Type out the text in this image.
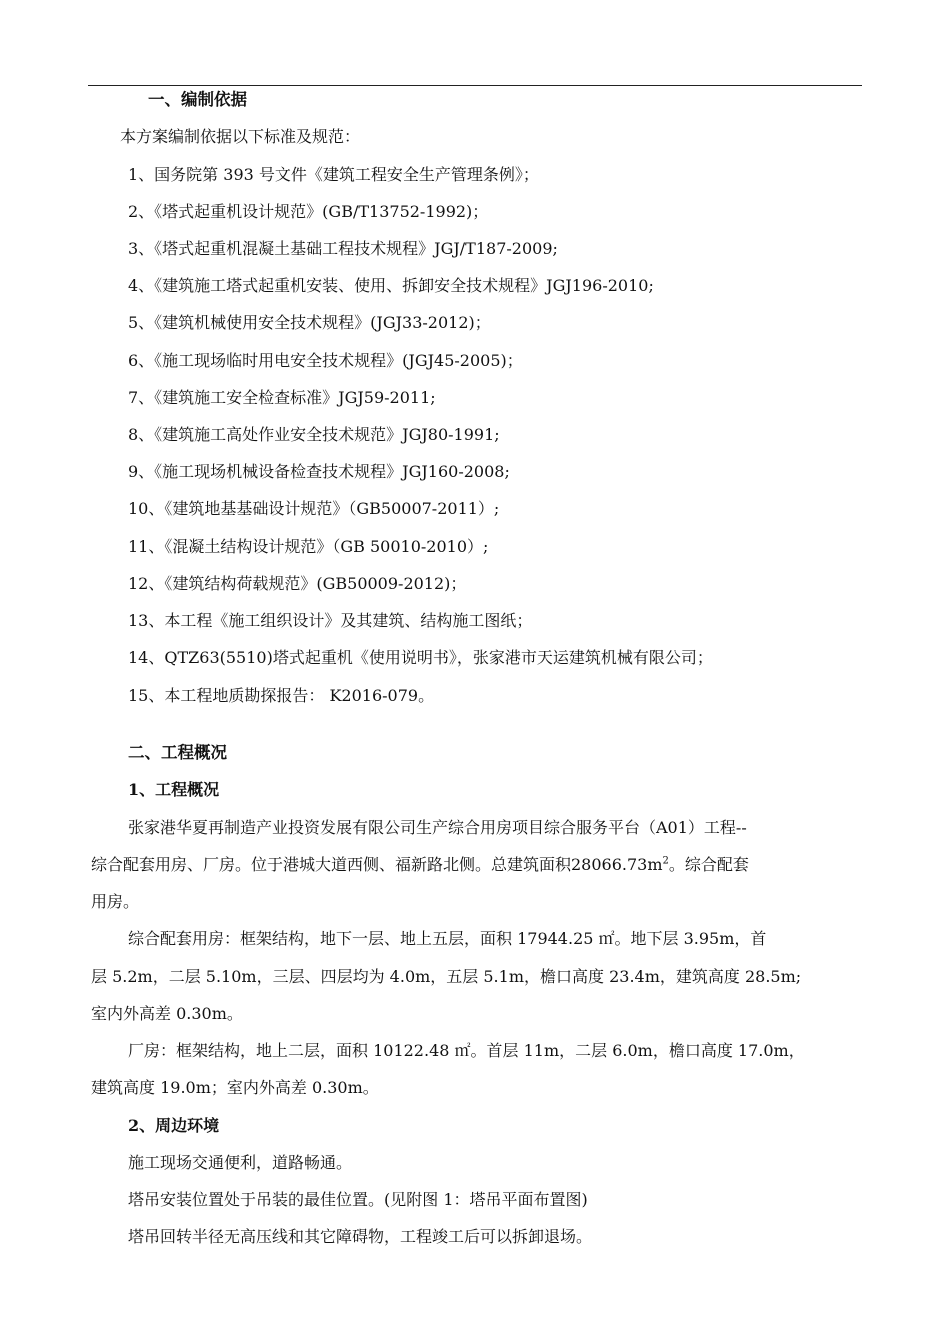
一、编制依据
本方案编制依据以下标准及规范：
1、国务院第 393 号文件《建筑工程安全生产管理条例》；
2、《塔式起重机设计规范》(GB/T13752-1992)；
3、《塔式起重机混凝土基础工程技术规程》JGJ/T187-2009;
4、《建筑施工塔式起重机安装、使用、拆卸安全技术规程》JGJ196-2010;
5、《建筑机械使用安全技术规程》(JGJ33-2012)；
6、《施工现场临时用电安全技术规程》(JGJ45-2005)；
7、《建筑施工安全检查标准》JGJ59-2011;
8、《建筑施工高处作业安全技术规范》JGJ80-1991;
9、《施工现场机械设备检查技术规程》JGJ160-2008;
10、《建筑地基基础设计规范》（GB50007-2011）;
11、《混凝土结构设计规范》（GB 50010-2010）;
12、《建筑结构荷载规范》(GB50009-2012)；
13、本工程《施工组织设计》及其建筑、结构施工图纸；
14、QTZ63(5510)塔式起重机《使用说明书》，张家港市天运建筑机械有限公司；
15、本工程地质勘探报告： K2016-079。
二、工程概况
1、工程概况
张家港华夏再制造产业投资发展有限公司生产综合用房项目综合服务平台（A01）工程--
综合配套用房、厂房。位于港城大道西侧、福新路北侧。总建筑面积$28066.73m^2$。综合配套
用房。
综合配套用房：框架结构，地下一层、地上五层，面积 17944.25 ㎡。地下层 3.95m，首
层 5.2m，二层 5.10m，三层、四层均为 4.0m，五层 5.1m，檐口高度 23.4m，建筑高度 28.5m;
室内外高差 0.30m。
厂房：框架结构，地上二层，面积 10122.48 ㎡。首层 11m，二层 6.0m，檐口高度 17.0m，
建筑高度 19.0m；室内外高差 0.30m。
2、周边环境
施工现场交通便利，道路畅通。
塔吊安装位置处于吊装的最佳位置。(见附图 1：塔吊平面布置图)
塔吊回转半径无高压线和其它障碍物，工程竣工后可以拆卸退场。
